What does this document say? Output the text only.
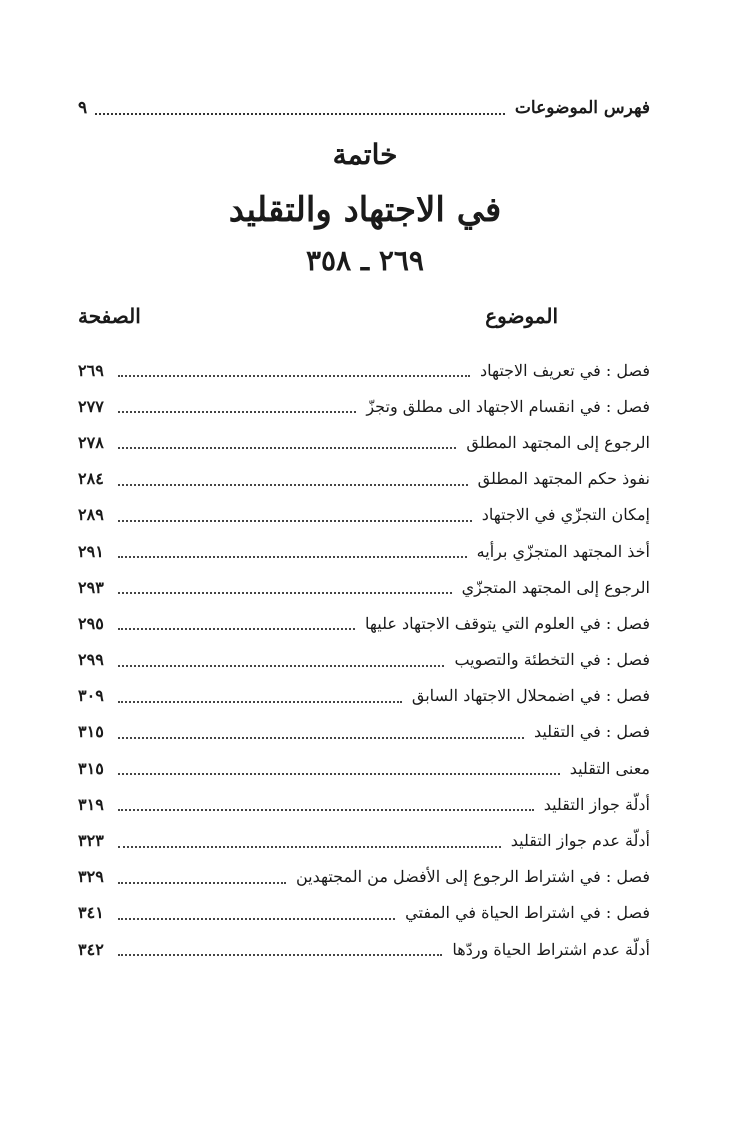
فهرس الموضوعات
٩
خاتمة
في الاجتهاد والتقليد
٢٦٩ ـ ٣٥٨
الموضوع
الصفحة
فصل : في تعريف الاجتهاد
٢٦٩
فصل : في انقسام الاجتهاد الى مطلق وتجزّ
٢٧٧
الرجوع إلى المجتهد المطلق
٢٧٨
نفوذ حكم المجتهد المطلق
٢٨٤
إمكان التجزّي في الاجتهاد
٢٨٩
أخذ المجتهد المتجزّي برأيه
٢٩١
الرجوع إلى المجتهد المتجزّي
٢٩٣
فصل : في العلوم التي يتوقف الاجتهاد عليها
٢٩٥
فصل : في التخطئة والتصويب
٢٩٩
فصل : في اضمحلال الاجتهاد السابق
٣٠٩
فصل : في التقليد
٣١٥
معنى التقليد
٣١٥
أدلّة جواز التقليد
٣١٩
أدلّة عدم جواز التقليد
٣٢٣
فصل : في اشتراط الرجوع إلى الأفضل من المجتهدين
٣٢٩
فصل : في اشتراط الحياة في المفتي
٣٤١
أدلّة عدم اشتراط الحياة وردّها
٣٤٢
